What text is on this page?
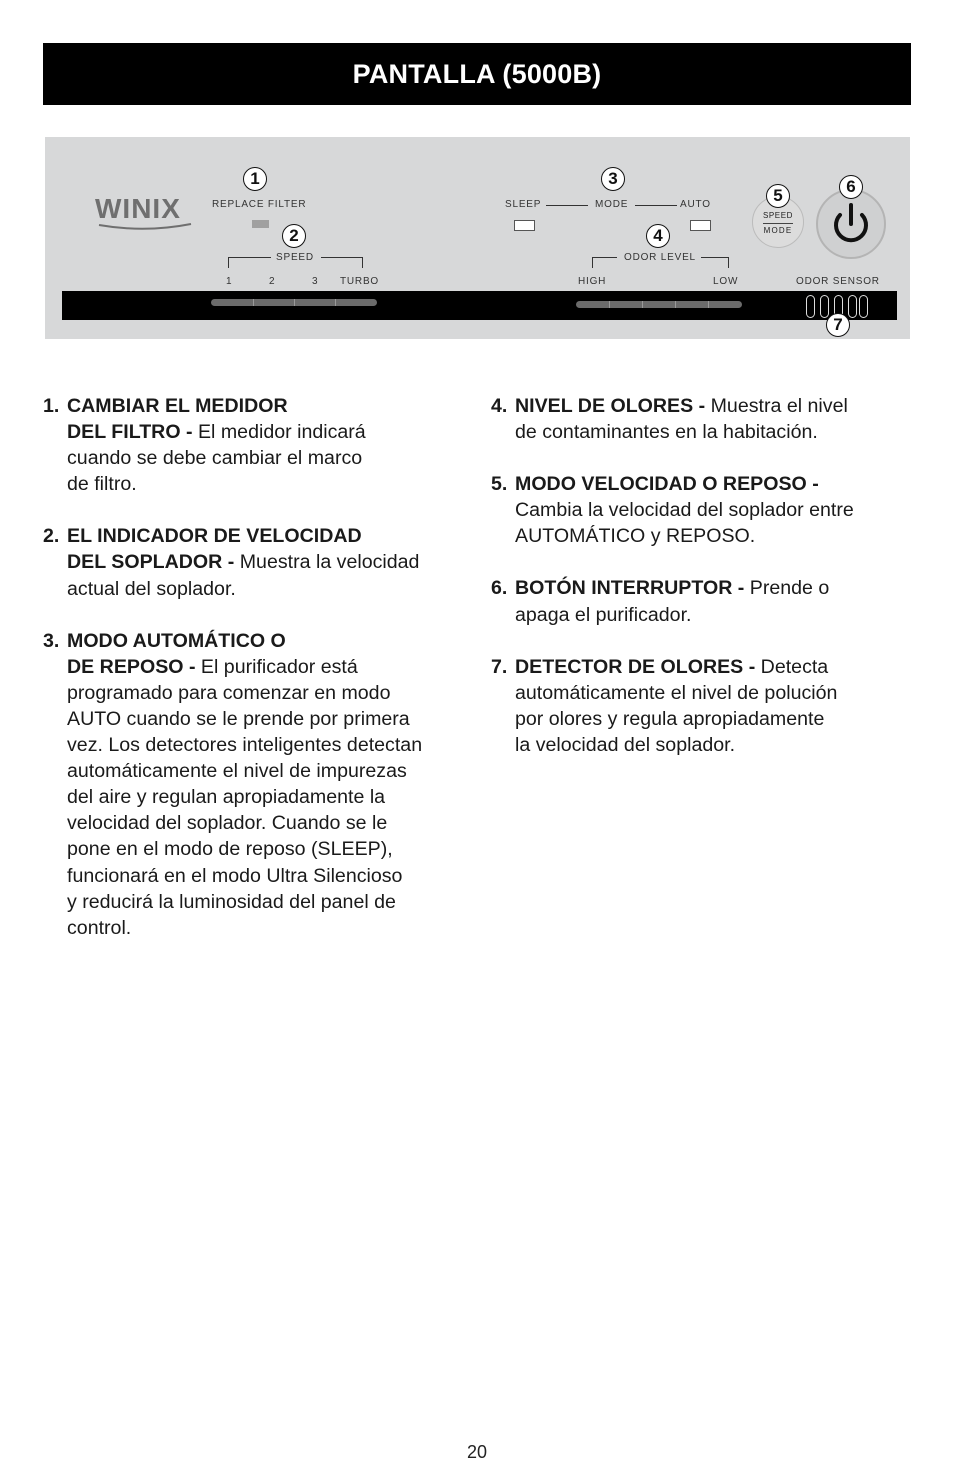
PANTALLA (5000B)
WINIX
1
REPLACE FILTER
2
SPEED
1	2	3 TURBO
3
SLEEP	MODE	AUTO
4
ODOR LEVEL
HIGH	LOW
SPEED
MODE
5	6
ODOR SENSOR
7
1. CAMBIAR EL MEDIDOR
DEL FILTRO - El medidor indicará
cuando se debe cambiar el marco
de filtro.
2. EL INDICADOR DE VELOCIDAD
DEL SOPLADOR - Muestra la velocidad
actual del soplador.
3. MODO AUTOMÁTICO O
DE REPOSO - El purificador está
programado para comenzar en modo
AUTO cuando se le prende por primera
vez. Los detectores inteligentes detectan
automáticamente el nivel de impurezas
del aire y regulan apropiadamente la
velocidad del soplador. Cuando se le
pone en el modo de reposo (SLEEP),
funcionará en el modo Ultra Silencioso
y reducirá la luminosidad del panel de
control.
4. NIVEL DE OLORES - Muestra el nivel
de contaminantes en la habitación.
5. MODO VELOCIDAD O REPOSO -
Cambia la velocidad del soplador entre
AUTOMÁTICO y REPOSO.
6. BOTÓN INTERRUPTOR - Prende o
apaga el purificador.
7. DETECTOR DE OLORES - Detecta
automáticamente el nivel de polución
por olores y regula apropiadamente
la velocidad del soplador.
20
